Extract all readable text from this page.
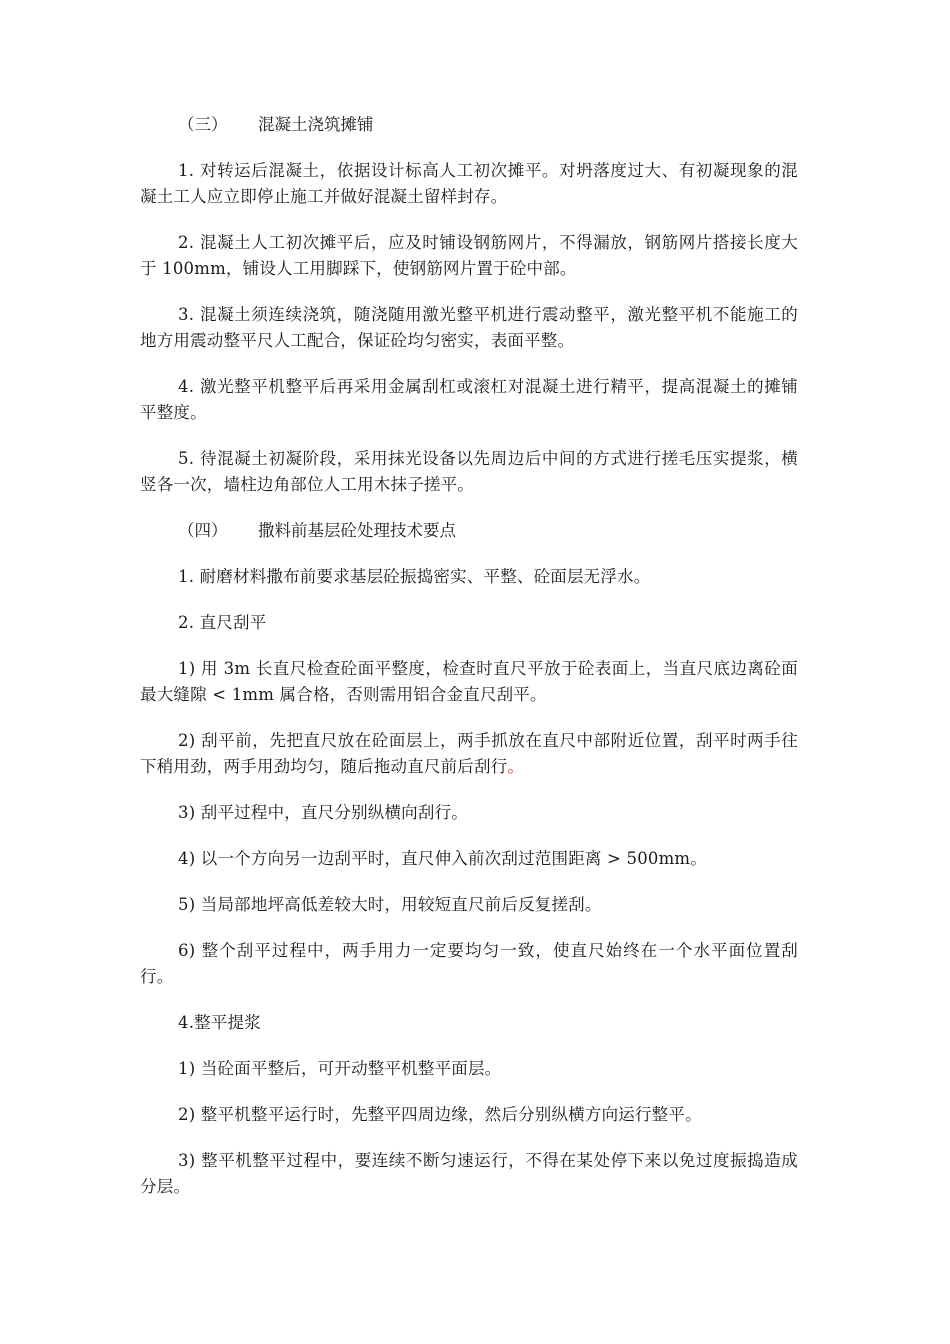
（三）	混凝土浇筑摊铺

1. 对转运后混凝土，依据设计标高人工初次摊平。对坍落度过大、有初凝现象的混凝土工人应立即停止施工并做好混凝土留样封存。

2. 混凝土人工初次摊平后，应及时铺设钢筋网片，不得漏放，钢筋网片搭接长度大于 100mm，铺设人工用脚踩下，使钢筋网片置于砼中部。

3. 混凝土须连续浇筑，随浇随用激光整平机进行震动整平，激光整平机不能施工的地方用震动整平尺人工配合，保证砼均匀密实，表面平整。

4. 激光整平机整平后再采用金属刮杠或滚杠对混凝土进行精平，提高混凝土的摊铺平整度。

5. 待混凝土初凝阶段，采用抹光设备以先周边后中间的方式进行搓毛压实提浆，横竖各一次，墙柱边角部位人工用木抹子搓平。

（四）	撒料前基层砼处理技术要点

1. 耐磨材料撒布前要求基层砼振捣密实、平整、砼面层无浮水。

2. 直尺刮平

1) 用 3m 长直尺检查砼面平整度，检查时直尺平放于砼表面上，当直尺底边离砼面最大缝隙 < 1mm 属合格，否则需用铝合金直尺刮平。

2) 刮平前，先把直尺放在砼面层上，两手抓放在直尺中部附近位置，刮平时两手往下稍用劲，两手用劲均匀，随后拖动直尺前后刮行。

3) 刮平过程中，直尺分别纵横向刮行。

4) 以一个方向另一边刮平时，直尺伸入前次刮过范围距离 > 500mm。

5) 当局部地坪高低差较大时，用较短直尺前后反复搓刮。

6) 整个刮平过程中，两手用力一定要均匀一致，使直尺始终在一个水平面位置刮行。

4.整平提浆

1) 当砼面平整后，可开动整平机整平面层。

2) 整平机整平运行时，先整平四周边缘，然后分别纵横方向运行整平。

3) 整平机整平过程中，要连续不断匀速运行，不得在某处停下来以免过度振捣造成分层。
